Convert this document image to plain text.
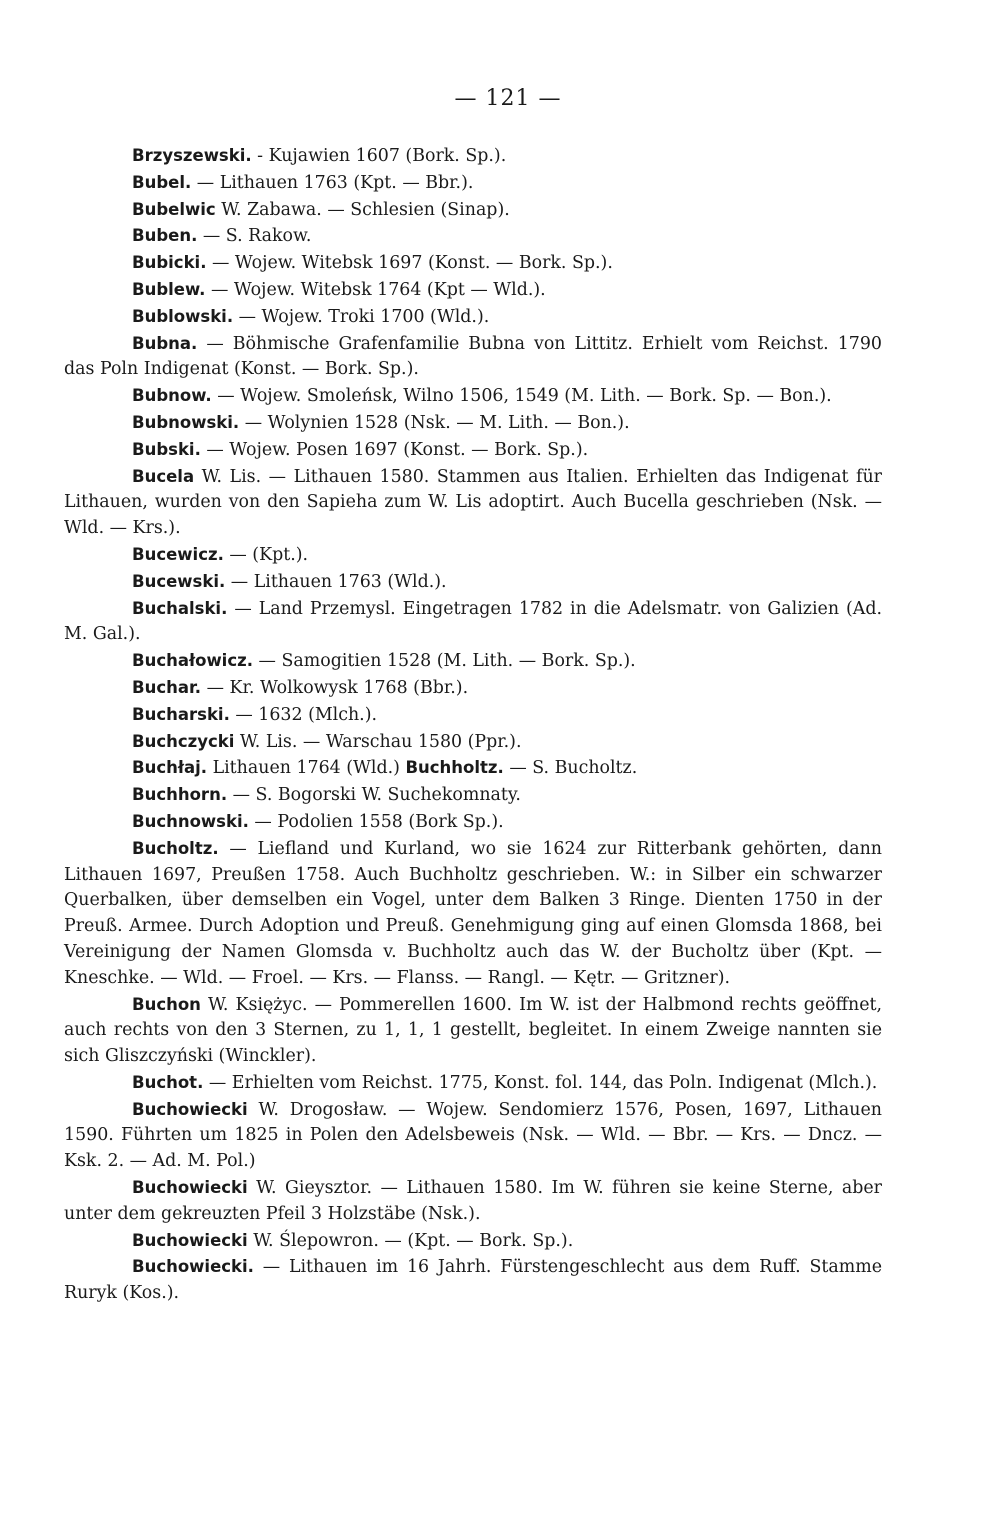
— 121 —

Brzyszewski. - Kujawien 1607 (Bork. Sp.).

Bubel. — Lithauen 1763 (Kpt. — Bbr.).

Bubelwic W. Zabawa. — Schlesien (Sinap).

Buben. — S. Rakow.

Bubicki. — Wojew. Witebsk 1697 (Konst. — Bork. Sp.).

Bublew. — Wojew. Witebsk 1764 (Kpt — Wld.).

Bublowski. — Wojew. Troki 1700 (Wld.).

Bubna. — Böhmische Grafenfamilie Bubna von Littitz. Erhielt vom Reichst. 1790 das Poln Indigenat (Konst. — Bork. Sp.).

Bubnow. — Wojew. Smoleńsk, Wilno 1506, 1549 (M. Lith. — Bork. Sp. — Bon.).

Bubnowski. — Wolynien 1528 (Nsk. — M. Lith. — Bon.).

Bubski. — Wojew. Posen 1697 (Konst. — Bork. Sp.).

Bucela W. Lis. — Lithauen 1580. Stammen aus Italien. Erhielten das Indigenat für Lithauen, wurden von den Sapieha zum W. Lis adoptirt. Auch Bucella geschrieben (Nsk. — Wld. — Krs.).

Bucewicz. — (Kpt.).

Bucewski. — Lithauen 1763 (Wld.).

Buchalski. — Land Przemysl. Eingetragen 1782 in die Adelsmatr. von Galizien (Ad. M. Gal.).

Buchałowicz. — Samogitien 1528 (M. Lith. — Bork. Sp.).

Buchar. — Kr. Wolkowysk 1768 (Bbr.).

Bucharski. — 1632 (Mlch.).

Buchczycki W. Lis. — Warschau 1580 (Ppr.).

Buchłaj. Lithauen 1764 (Wld.) Buchholtz. — S. Bucholtz.

Buchhorn. — S. Bogorski W. Suchekomnaty.

Buchnowski. — Podolien 1558 (Bork Sp.).

Bucholtz. — Liefland und Kurland, wo sie 1624 zur Ritterbank gehörten, dann Lithauen 1697, Preußen 1758. Auch Buchholtz geschrieben. W.: in Silber ein schwarzer Querbalken, über demselben ein Vogel, unter dem Balken 3 Ringe. Dienten 1750 in der Preuß. Armee. Durch Adoption und Preuß. Genehmigung ging auf einen Glomsda 1868, bei Vereinigung der Namen Glomsda v. Buchholtz auch das W. der Bucholtz über (Kpt. — Kneschke. — Wld. — Froel. — Krs. — Flanss. — Rangl. — Kętr. — Gritzner).

Buchon W. Księżyc. — Pommerellen 1600. Im W. ist der Halbmond rechts geöffnet, auch rechts von den 3 Sternen, zu 1, 1, 1 gestellt, begleitet. In einem Zweige nannten sie sich Gliszczyński (Winckler).

Buchot. — Erhielten vom Reichst. 1775, Konst. fol. 144, das Poln. Indigenat (Mlch.).

Buchowiecki W. Drogosław. — Wojew. Sendomierz 1576, Posen, 1697, Lithauen 1590. Führten um 1825 in Polen den Adelsbeweis (Nsk. — Wld. — Bbr. — Krs. — Dncz. — Ksk. 2. — Ad. M. Pol.)

Buchowiecki W. Gieysztor. — Lithauen 1580. Im W. führen sie keine Sterne, aber unter dem gekreuzten Pfeil 3 Holzstäbe (Nsk.).

Buchowiecki W. Ślepowron. — (Kpt. — Bork. Sp.).

Buchowiecki. — Lithauen im 16 Jahrh. Fürstengeschlecht aus dem Ruff. Stamme Ruryk (Kos.).
